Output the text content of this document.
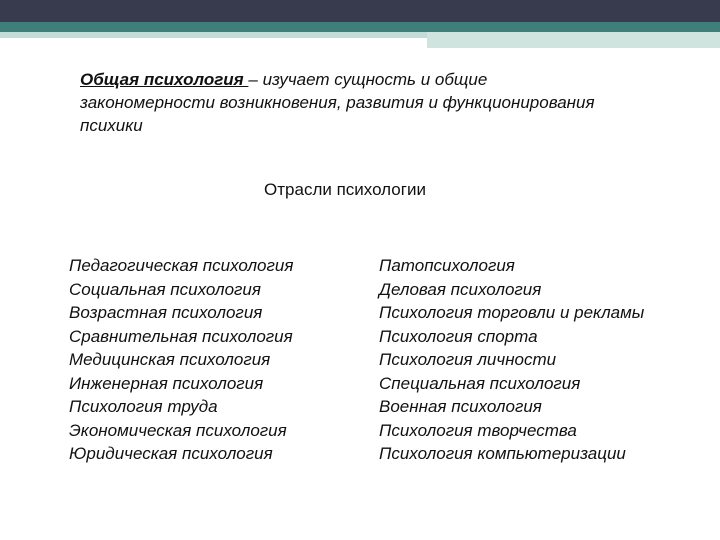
Общая психология – изучает сущность и общие закономерности возникновения, развития и функционирования психики

Отрасли психологии

Педагогическая психология
Социальная психология
Возрастная психология
Сравнительная психология
Медицинская психология
Инженерная психология
Психология труда
Экономическая психология
Юридическая психология
Патопсихология
Деловая психология
Психология торговли и рекламы
Психология спорта
Психология личности
Специальная психология
Военная психология
Психология творчества
Психология компьютеризации
